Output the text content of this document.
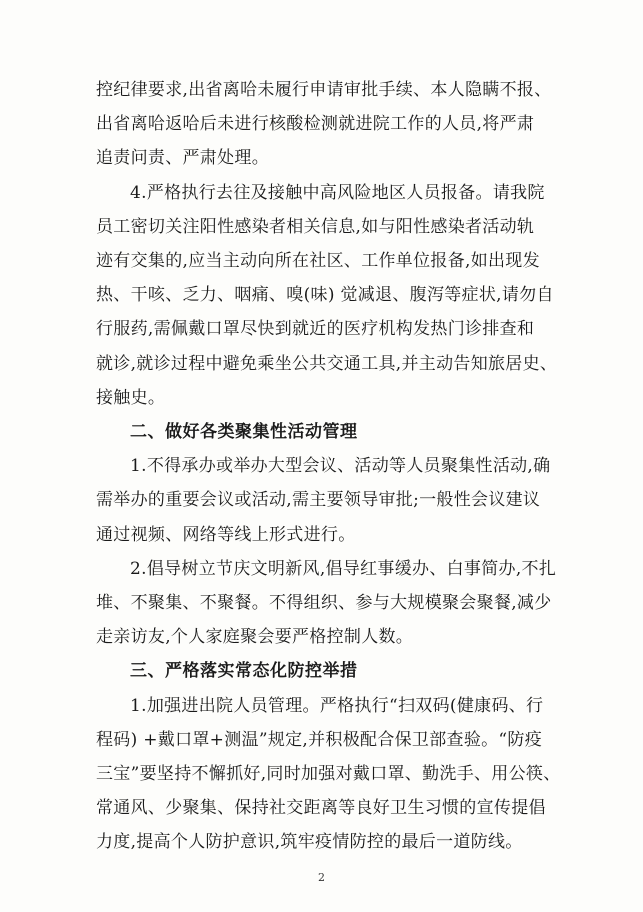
控纪律要求,出省离哈未履行申请审批手续、本人隐瞒不报、
出省离哈返哈后未进行核酸检测就进院工作的人员,将严肃
追责问责、严肃处理。
4.严格执行去往及接触中高风险地区人员报备。请我院
员工密切关注阳性感染者相关信息,如与阳性感染者活动轨
迹有交集的,应当主动向所在社区、工作单位报备,如出现发
热、干咳、乏力、咽痛、嗅(味) 觉减退、腹泻等症状,请勿自
行服药,需佩戴口罩尽快到就近的医疗机构发热门诊排查和
就诊,就诊过程中避免乘坐公共交通工具,并主动告知旅居史、
接触史。
二、做好各类聚集性活动管理
1.不得承办或举办大型会议、活动等人员聚集性活动,确
需举办的重要会议或活动,需主要领导审批;一般性会议建议
通过视频、网络等线上形式进行。
2.倡导树立节庆文明新风,倡导红事缓办、白事简办,不扎
堆、不聚集、不聚餐。不得组织、参与大规模聚会聚餐,减少
走亲访友,个人家庭聚会要严格控制人数。
三、严格落实常态化防控举措
1.加强进出院人员管理。严格执行“扫双码(健康码、行
程码) +戴口罩+测温”规定,并积极配合保卫部查验。“防疫
三宝”要坚持不懈抓好,同时加强对戴口罩、勤洗手、用公筷、
常通风、少聚集、保持社交距离等良好卫生习惯的宣传提倡
力度,提高个人防护意识,筑牢疫情防控的最后一道防线。
2
